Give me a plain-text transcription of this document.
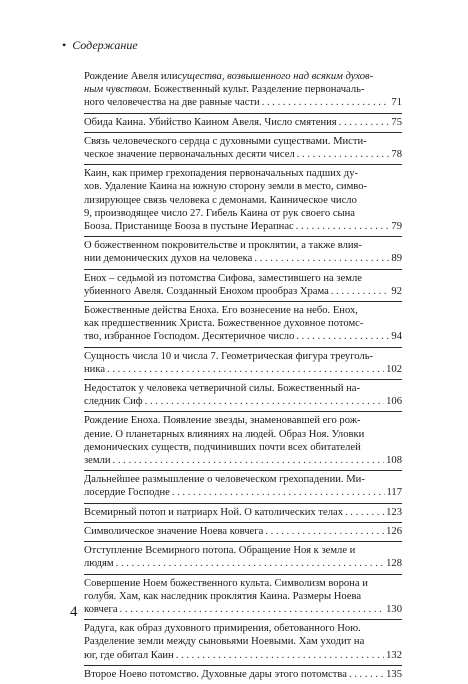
• Содержание
Рождение Авеля или существа, возвышенного над всяким духов-
ным чувством . Божественный культ. Разделение первоначаль-
ного человечества на две равные части . . .	71
Обида Каина. Убийство Каином Авеля. Число смятения . . .	75
Связь человеческого сердца с духовными существами. Мисти-
ческое значение первоначальных десяти чисел . . .	78
Каин, как пример грехопадения первоначальных падших ду-
хов. Удаление Каина на южную сторону земли в место, симво-
лизирующее связь человека с демонами. Каиническое число
9, производящее число 27. Гибель Каина от рук своего сына
Бооза. Пристанище Бооза в пустыне Иерапнас . . .	79
О божественном покровительстве и проклятии, а также влия-
нии демонических духов на человека . . .	89
Енох – седьмой из потомства Сифова, заместившего на земле
убиенного Авеля. Созданный Енохом прообраз Храма . . .	92
Божественные действа Еноха. Его вознесение на небо. Енох,
как предшественник Христа. Божественное духовное потомс-
тво, избранное Господом. Десятеричное число . . .	94
Сущность числа 10 и числа 7. Геометрическая фигура треуголь-
ника . . .	102
Недостаток у человека четверичной силы. Божественный на-
следник Сиф . . .	106
Рождение Еноха. Появление звезды, знаменовавшей его рож-
дение. О планетарных влияниях на людей. Образ Ноя. Уловки
демонических существ, подчинивших почти всех обитателей
земли . . .	108
Дальнейшее размышление о человеческом грехопадении. Ми-
лосердие Господне . . .	117
Всемирный потоп и патриарх Ной. О католических телах . . .	123
Символическое значение Ноева ковчега . . .	126
Отступление Всемирного потопа. Обращение Ноя к земле и
людям . . .	128
Совершение Ноем божественного культа. Символизм ворона и
голубя. Хам, как наследник проклятия Каина. Размеры Ноева
ковчега . . .	130
Радуга, как образ духовного примирения, обетованного Ною.
Разделение земли между сыновьями Ноевыми. Хам уходит на
юг, где обитал Каин . . .	132
Второе Ноево потомство. Духовные дары этого потомства . . .	135
4
